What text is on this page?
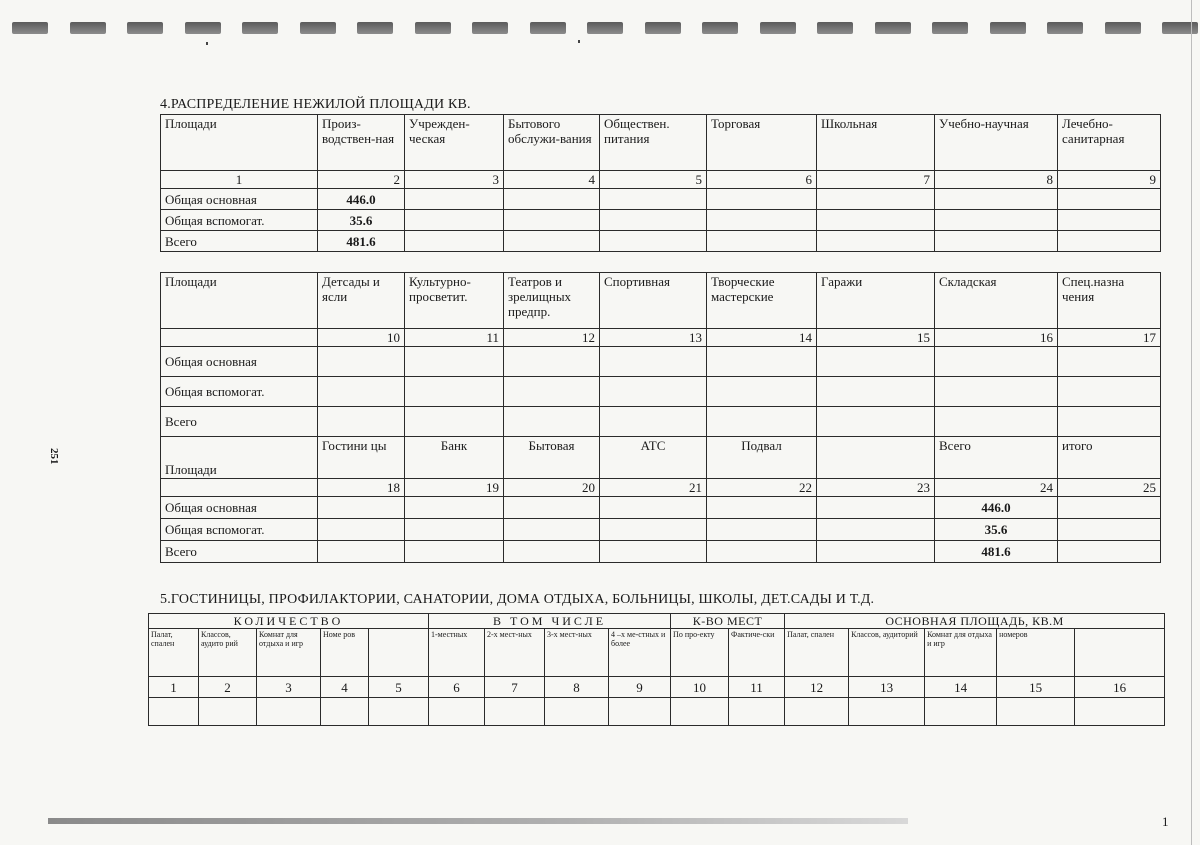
251
1
4.РАСПРЕДЕЛЕНИЕ НЕЖИЛОЙ ПЛОЩАДИ КВ.
Площади	Произ-водствен-ная	Учрежден-ческая	Бытового обслужи-вания	Обществен. питания	Торговая	Школьная	Учебно-научная	Лечебно-санитарная
1	2	3	4	5	6	7	8	9
Общая основная	446.0							
Общая вспомогат.	35.6							
Всего	481.6							
Площади	Детсады и ясли	Культурно-просветит.	Театров и зрелищных предпр.	Спортивная	Творческие мастерские	Гаражи	Складская	Спец.назна чения
	10	11	12	13	14	15	16	17
Общая основная								
Общая вспомогат.								
Всего								
Площади	Гостини цы	Банк	Бытовая	АТС	Подвал		Всего	итого
	18	19	20	21	22	23	24	25
Общая основная							446.0	
Общая вспомогат.							35.6	
Всего							481.6	
5.ГОСТИНИЦЫ, ПРОФИЛАКТОРИИ, САНАТОРИИ, ДОМА ОТДЫХА, БОЛЬНИЦЫ, ШКОЛЫ, ДЕТ.САДЫ И Т.Д.
КОЛИЧЕСТВО					В ТОМ ЧИСЛЕ				К-ВО МЕСТ		ОСНОВНАЯ ПЛОЩАДЬ, КВ.М				
Палат, спален	Классов, аудито рий	Комнат для отдыха и игр	Номе ров		1-местных	2-х мест-ных	3-х мест-ных	4 –х ме-стных и более	По про-екту	Фактиче-ски	Палат, спален	Классов, аудиторий	Комнат для отдыха и игр	номеров	
1	2	3	4	5	6	7	8	9	10	11	12	13	14	15	16
